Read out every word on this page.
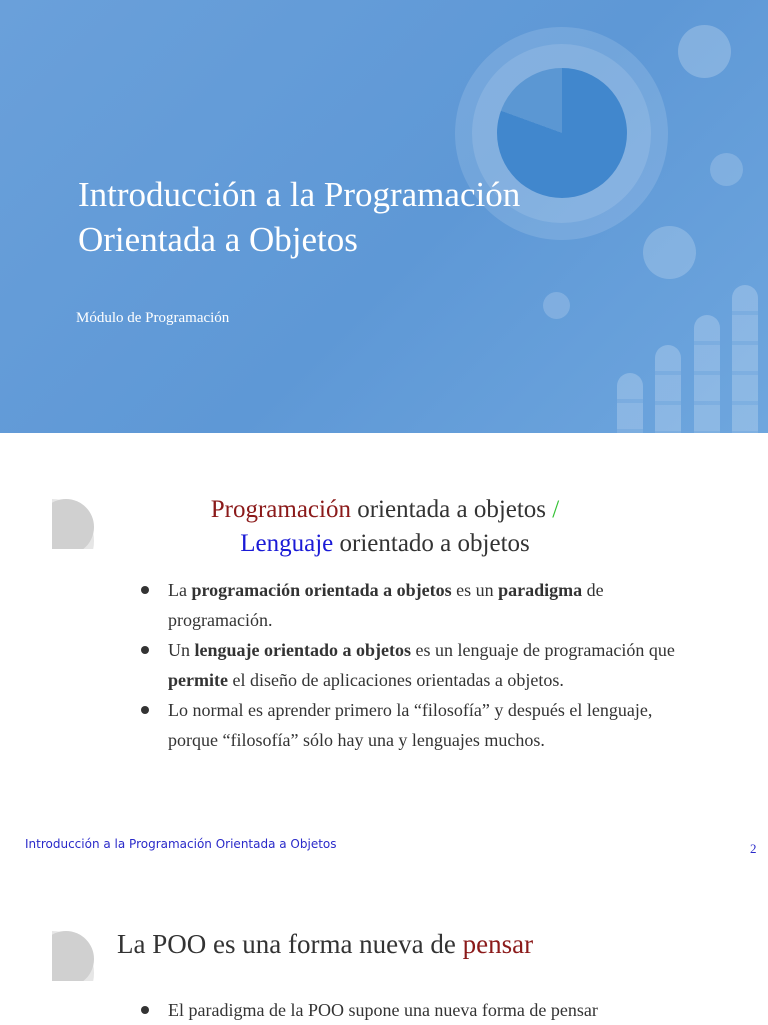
Introducción a la Programación Orientada a Objetos

Módulo de Programación

Programación orientada a objetos /
Lenguaje orientado a objetos
La programación orientada a objetos es un paradigma de programación.
Un lenguaje orientado a objetos es un lenguaje de programación que permite el diseño de aplicaciones orientadas a objetos.
Lo normal es aprender primero la “filosofía” y después el lenguaje, porque “filosofía” sólo hay una y lenguajes muchos.

Introducción a la Programación Orientada a Objetos	2
La POO es una forma nueva de pensar
El paradigma de la POO supone una nueva forma de pensar
